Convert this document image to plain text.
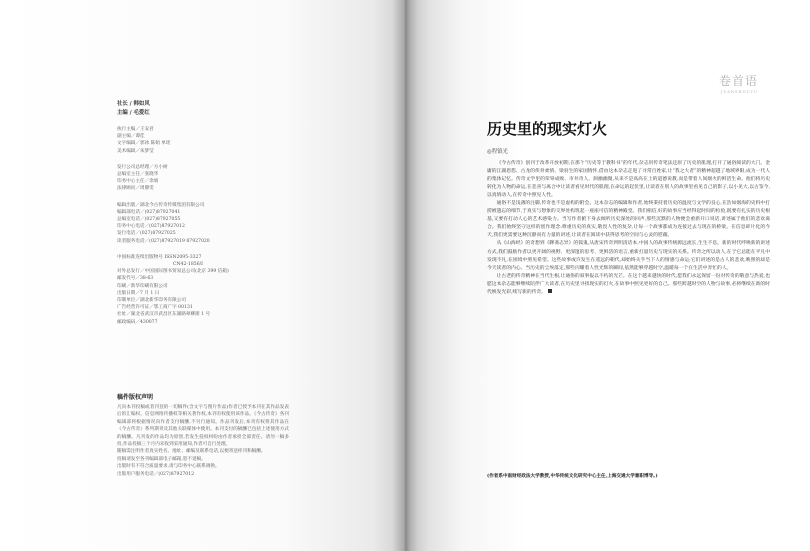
社长 / 韩如风
主编 / 毛爱红
执行主编／王安君
副主编／谭佳
文字编辑／郭冰 陈娟 单瑶
美术编辑／朱梦莹
发行公司总经理／方小树
总编室主任／张晓华
印务中心主任／余娟
法律顾问／周滕雯
编辑出版／湖北今古传奇传媒集团有限公司
编辑部电话／(027)87927041
总编室电话／(027)87927055
印务中心电话／(027)87927012
发行电话／(027)87927025
读者服务电话／(027)87927019 87927020
中国标准连续出版物号 ISSN2095-3327
CN42-1856/I
对外总发行／中国国际图书贸易总公司(北京 399 信箱)
邮发代号／38-63
印刷／新华印刷有限公司
出版日期／7 月 1 日
印制单位／湖北新华印务有限公司
广告经营许可证／鄂工商广字 00131
社址／湖北省武汉市武昌区东湖路翠柳街 1 号
邮政编码／430077
稿件版权声明

凡向本刊投稿或者刊登的一切稿件(含文字与图片作品)作者已授予本刊在其作品发表后的汇编权、信息网络传播权等相关著作权,本刊有权使用该作品。《今古传奇》各刊编辑部将根据情况向作者支付稿酬,不另行通知。作品刊发后,本刊有权将其作品在《今古传奇》系列期刊及其他关联媒体中使用。本刊支付的稿酬已包括上述使用方式的稿酬。凡刊发的作品均为原创,若发生侵权纠纷由作者承担全部责任。请勿一稿多投,作品投稿三个月内未收到采用通知,作者可自行处理。

随稿需注明作者真实姓名、地址、邮编及联系电话,以便寄送样刊和稿酬。

投稿请发至各刊编辑部电子邮箱,恕不退稿。

出版时有不符合质量要求,请与印务中心联系调换。

出版用户服务电话／(027)87927012

卷首语
JUANSHOUYU
历史里的现实灯火
◎程镇光

《今古传奇》创刊于改革开放初期,在那个“历史等于教科书”的年代,杂志用传奇笔法还原了历史的肌理,打开了通俗阅读的大门。金庸的江湖恩怨、古龙的侠骨柔情、梁羽生的家国情怀,借由这本杂志走进了寻常百姓家,让“我之大者”的精神超越了地域界限,成为一代人的集体记忆。传奇文学里的荣辱成败、市井奇人、洞幽幽微,从来不是高高在上的道德说教,而是带着人间烟火的鲜活生命。他们将历史转化为人物的命运,在悲喜与离合中让读者看见时代的肌理,在命运的起伏里,让读者在别人的故事里看见自己的影子,以小见大,以古鉴今,以真情动人,在传奇中照见人性。

通俗不是浅薄的注脚,传奇也不是虚构的附会。这本杂志的编辑和作者,始终秉持着历史的温度与文学的良心,在浩如烟海的史料中打捞被遗忘的细节,于真实与想象的交界处构筑起一座座可信的精神殿堂。我们相信,好的故事应当经得起时间的检验,既要有扎实的历史根基,又要有打动人心的艺术感染力。当写作者俯下身去倾听历史深处的回声,那些沉默的人物便会重新开口说话,讲述属于他们的悲欢离合。我们始终坚守这样的创作理念:尊重历史的真实,敬畏人性的复杂,让每一个故事都成为连接过去与现在的桥梁。在信息碎片化的今天,我们更需要这种沉静而有力量的讲述,让读者在阅读中获得思考的空间与心灵的慰藉。

从《山海经》的奇想到《聊斋志异》的狐鬼,从唐宋传奇到明清话本,中国人的故事传统源远流长,生生不息。新的时代呼唤新的讲述方式,我们鼓励作者以更开阔的视野、更深邃的思考、更鲜活的语言,重新打量历史与现实的关系。传奇之所以动人,在于它总能在平凡中发现不凡,在困境中照见希望。这些故事或许发生在遥远的朝代,却始终关乎当下人的情感与命运;它们讲述的是古人的悲欢,映照的却是今天读者的内心。当历史的尘埃落定,那些闪耀着人性光辉的瞬间,依然能够穿越时空,温暖每一个在生活中奔忙的人。

让古老的传奇精神在当代生根,让通俗的叙事报以不朽的光芒。在这个越来越快的时代,愿我们永远保留一份对传奇的敬意与热爱,也愿这本杂志能够继续陪伴广大读者,在历史里寻找现实的灯火,在故事中照见更好的自己。那些跨越时空的人物与故事,必将继续在新的时代焕发光彩,续写新的传奇。

(作者系中南财经政法大学教授,中华传统文化研究中心主任,上海交通大学兼职博导。)
